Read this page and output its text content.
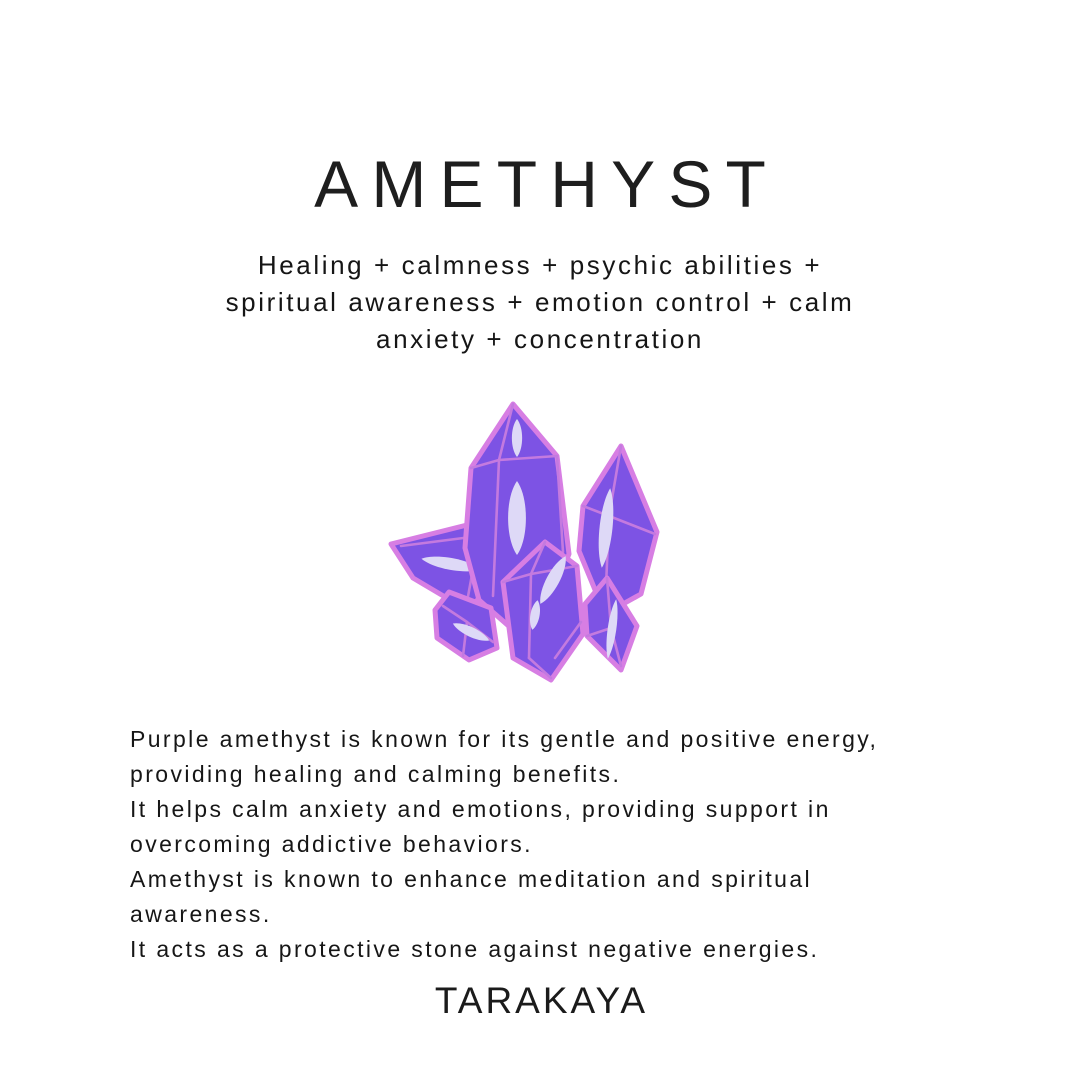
AMETHYST
Healing + calmness + psychic abilities +
spiritual awareness + emotion control + calm
anxiety + concentration
Purple amethyst is known for its gentle and positive energy,
providing healing and calming benefits.
It helps calm anxiety and emotions, providing support in
overcoming addictive behaviors.
Amethyst is known to enhance meditation and spiritual
awareness.
It acts as a protective stone against negative energies.
TARAKAYA
